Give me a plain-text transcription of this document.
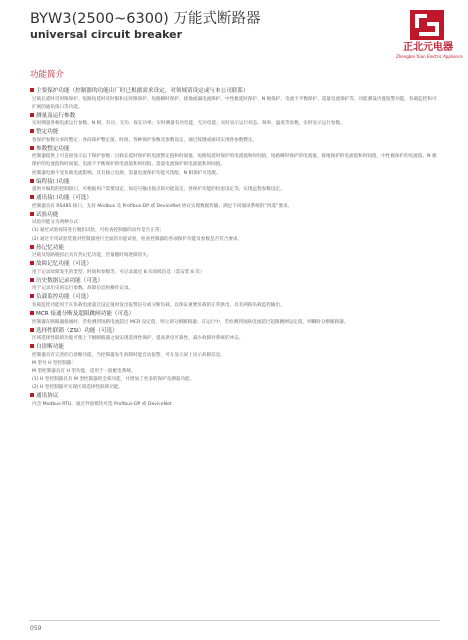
BYW3(2500~6300) 万能式断路器
universal circuit breaker
正北元电器
Zhengbei Yuan Electric Appliance
功能简介
主要保护功能（控制器的功能出厂时已根据需求设定，对领域请设定或与本公司联系）

过载长延时反时限保护、短路短延时反时限和定时限保护、短路瞬时保护、接地或漏电流保护、中性极延时保护、N 极保护、电流不平衡保护、需量电流保护等，功能测设内置报警功能，负载监控和可扩展的通讯接口等功能。

测量及运行参数

实时测量各相电流运行参数、N 相、有功、无功、视在功率；实时测量有功电能，无功电能；实时显示运行状态、频率、温度等参数，实时显示运行参数。

整定功能

各保护参数分多段整定；各段保护整定值、时间、各种保护参数及参数设定，通过按键或通讯实现各参数整定。

参数整定功能

控制器提供上可直接显示以下保护参数：过载长延时保护的电流整定值和时间值、短路短延时保护的电流值和时间值、短路瞬时保护的电流值、接地保护的电流值和时间值、中性极保护的电流值、N 极保护的电流值和时间值、电流不平衡保护的电流值和时间值、需量电流保护的电流值和时间值。

控制器电源不受负载电流影响，具有独立电源，需量电流保护功能可选配，N 相保护可选配。

编程接口功能

提供可编程的控制接口，可根据用户需要设定，如信号输出接点的功能设定、各保护功能的投退设定等，实现远程参数设定。

通讯接口功能（可选）

控制器具有 RS485 接口，支持 Modbus 及 Profibus-DP 或 DeviceNet 协议实现数据传输，满足不同通讯系统的“四遥”要求。

试验功能

试验功能分为两种方式：

(1) 通过试验按钮进行脱扣试验，可检查控制器的动作是否正常；

(2) 通过专用试验装置对控制器进行全面的功能试验，检查控制器的各项保护功能及参数是否符合要求。

热记忆功能

过载及短路脱扣后具有热记忆功能，热量随时间逐渐消失。

故障记忆功能（可选）

用于记录故障发生的类型、时间和参数等，可记录最近 8 次故障信息（需安装 8 次）

历史数据记录功能（可选）

用于记录历史的运行参数、故障信息和操作记录。

负载监控功能（可选）

负载监控功能用于在负载电流超过设定值时发出报警信号或分断负载，以保证重要负载的正常供电，具有两路负载监控输出。

MCR 接通分断及超限跳闸功能（可选）

控制器在断路器接通时，若检测到短路电流超过 MCR 设定值，则立即分断断路器；在运行中，若检测到短路电流超过超限跳闸设定值，则瞬时分断断路器。

选择性联锁（ZSI）功能（可选）

区域选择性联锁功能可使上下级断路器之间实现选择性保护，提高供电可靠性，减少故障对系统的冲击。

自诊断功能

控制器具有完善的自诊断功能，当控制器发生故障时能自动报警，可在显示屏上显示故障信息。

M 型号 H 型控制器：

M 型控制器具有 H 型功能，适用于一般配电系统。

(1) H 型控制器具有 M 型控制器的全部功能，并增加了更多的保护及测量功能。

(2) H 型控制器可实现区域选择性联锁功能。

通讯协议

内含 Modbus-RTU，通过外接模块可选 Profibus-DP 或 DeviceNet

059
